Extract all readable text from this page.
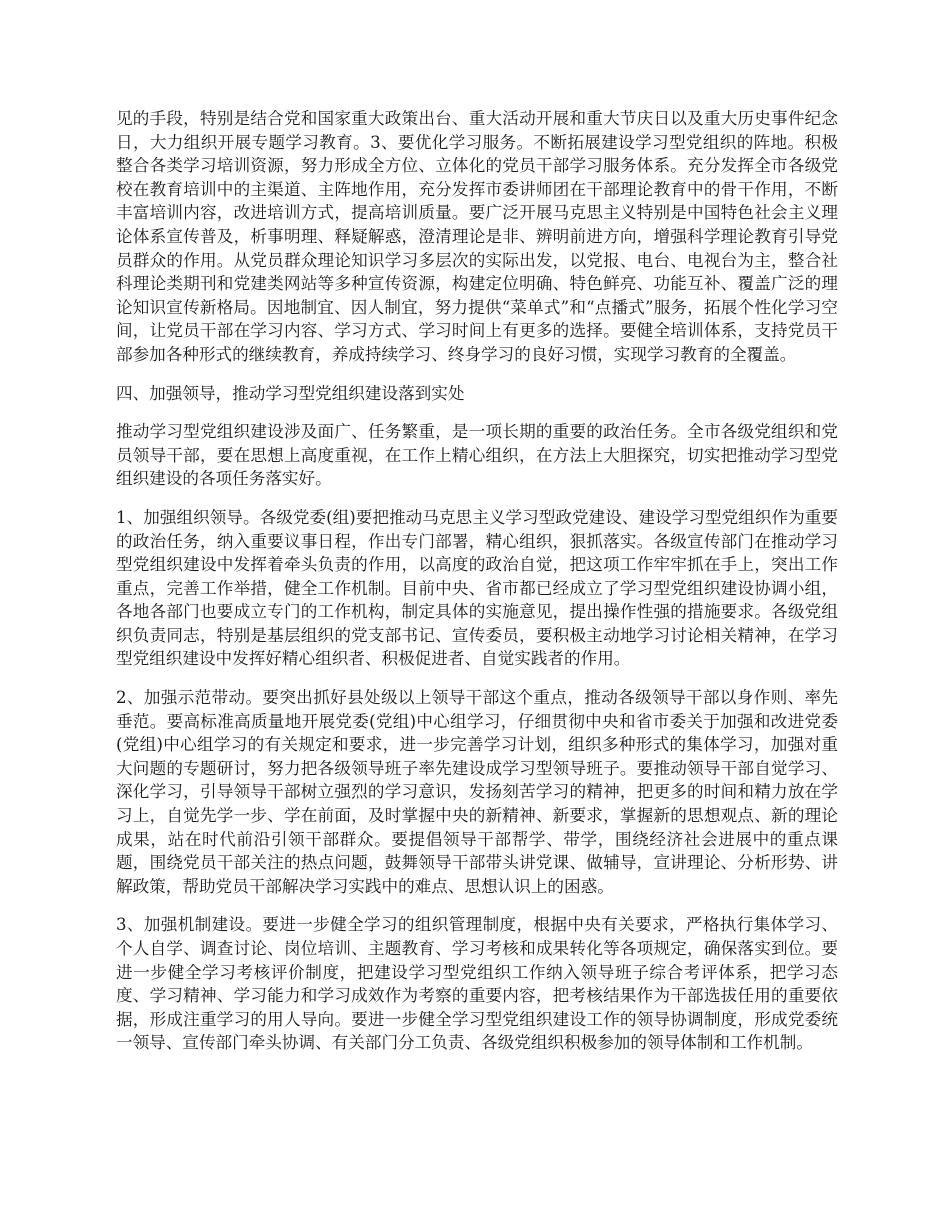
见的手段，特别是结合党和国家重大政策出台、重大活动开展和重大节庆日以及重大历史事件纪念日，大力组织开展专题学习教育。3、要优化学习服务。不断拓展建设学习型党组织的阵地。积极整合各类学习培训资源，努力形成全方位、立体化的党员干部学习服务体系。充分发挥全市各级党校在教育培训中的主渠道、主阵地作用，充分发挥市委讲师团在干部理论教育中的骨干作用，不断丰富培训内容，改进培训方式，提高培训质量。要广泛开展马克思主义特别是中国特色社会主义理论体系宣传普及，析事明理、释疑解惑，澄清理论是非、辨明前进方向，增强科学理论教育引导党员群众的作用。从党员群众理论知识学习多层次的实际出发，以党报、电台、电视台为主，整合社科理论类期刊和党建类网站等多种宣传资源，构建定位明确、特色鲜亮、功能互补、覆盖广泛的理论知识宣传新格局。因地制宜、因人制宜，努力提供“菜单式”和“点播式”服务，拓展个性化学习空间，让党员干部在学习内容、学习方式、学习时间上有更多的选择。要健全培训体系，支持党员干部参加各种形式的继续教育，养成持续学习、终身学习的良好习惯，实现学习教育的全覆盖。

四、加强领导，推动学习型党组织建设落到实处

推动学习型党组织建设涉及面广、任务繁重，是一项长期的重要的政治任务。全市各级党组织和党员领导干部，要在思想上高度重视，在工作上精心组织，在方法上大胆探究，切实把推动学习型党组织建设的各项任务落实好。

1、加强组织领导。各级党委(组)要把推动马克思主义学习型政党建设、建设学习型党组织作为重要的政治任务，纳入重要议事日程，作出专门部署，精心组织，狠抓落实。各级宣传部门在推动学习型党组织建设中发挥着牵头负责的作用，以高度的政治自觉，把这项工作牢牢抓在手上，突出工作重点，完善工作举措，健全工作机制。目前中央、省市都已经成立了学习型党组织建设协调小组，各地各部门也要成立专门的工作机构，制定具体的实施意见，提出操作性强的措施要求。各级党组织负责同志，特别是基层组织的党支部书记、宣传委员，要积极主动地学习讨论相关精神，在学习型党组织建设中发挥好精心组织者、积极促进者、自觉实践者的作用。

2、加强示范带动。要突出抓好县处级以上领导干部这个重点，推动各级领导干部以身作则、率先垂范。要高标准高质量地开展党委(党组)中心组学习，仔细贯彻中央和省市委关于加强和改进党委(党组)中心组学习的有关规定和要求，进一步完善学习计划，组织多种形式的集体学习，加强对重大问题的专题研讨，努力把各级领导班子率先建设成学习型领导班子。要推动领导干部自觉学习、深化学习，引导领导干部树立强烈的学习意识，发扬刻苦学习的精神，把更多的时间和精力放在学习上，自觉先学一步、学在前面，及时掌握中央的新精神、新要求，掌握新的思想观点、新的理论成果，站在时代前沿引领干部群众。要提倡领导干部帮学、带学，围绕经济社会进展中的重点课题，围绕党员干部关注的热点问题，鼓舞领导干部带头讲党课、做辅导，宣讲理论、分析形势、讲解政策，帮助党员干部解决学习实践中的难点、思想认识上的困惑。

3、加强机制建设。要进一步健全学习的组织管理制度，根据中央有关要求，严格执行集体学习、个人自学、调查讨论、岗位培训、主题教育、学习考核和成果转化等各项规定，确保落实到位。要进一步健全学习考核评价制度，把建设学习型党组织工作纳入领导班子综合考评体系，把学习态度、学习精神、学习能力和学习成效作为考察的重要内容，把考核结果作为干部选拔任用的重要依据，形成注重学习的用人导向。要进一步健全学习型党组织建设工作的领导协调制度，形成党委统一领导、宣传部门牵头协调、有关部门分工负责、各级党组织积极参加的领导体制和工作机制。
